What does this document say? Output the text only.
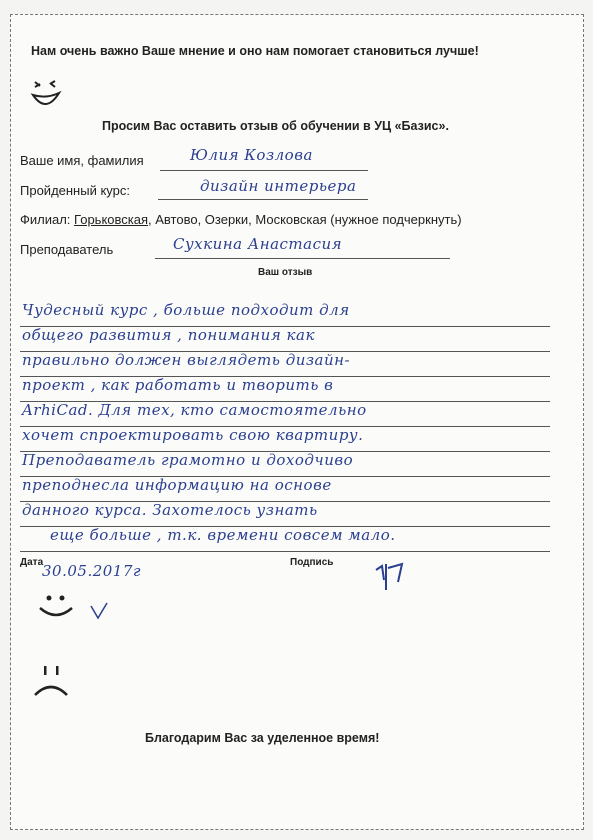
Нам очень важно Ваше мнение и оно нам помогает становиться лучше!
Просим Вас оставить отзыв об обучении в УЦ «Базис».
Ваше имя, фамилия	Юлия Козлова
Пройденный курс:	дизайн интерьера
Филиал: Горьковская, Автово, Озерки, Московская (нужное подчеркнуть)
Преподаватель	Сухкина Анастасия
Ваш отзыв
Чудесный курс , больше подходит для
общего развития , понимания как
правильно должен выглядеть дизайн-
проект , как работать и творить в
ArhiCad. Для тех, кто самостоятельно
хочет спроектировать свою квартиру.
Преподаватель грамотно и доходчиво
преподнесла информацию на основе
данного курса. Захотелось узнать
еще больше , т.к. времени совсем мало.
Дата
30.05.2017г	Подпись
Благодарим Вас за уделенное время!
